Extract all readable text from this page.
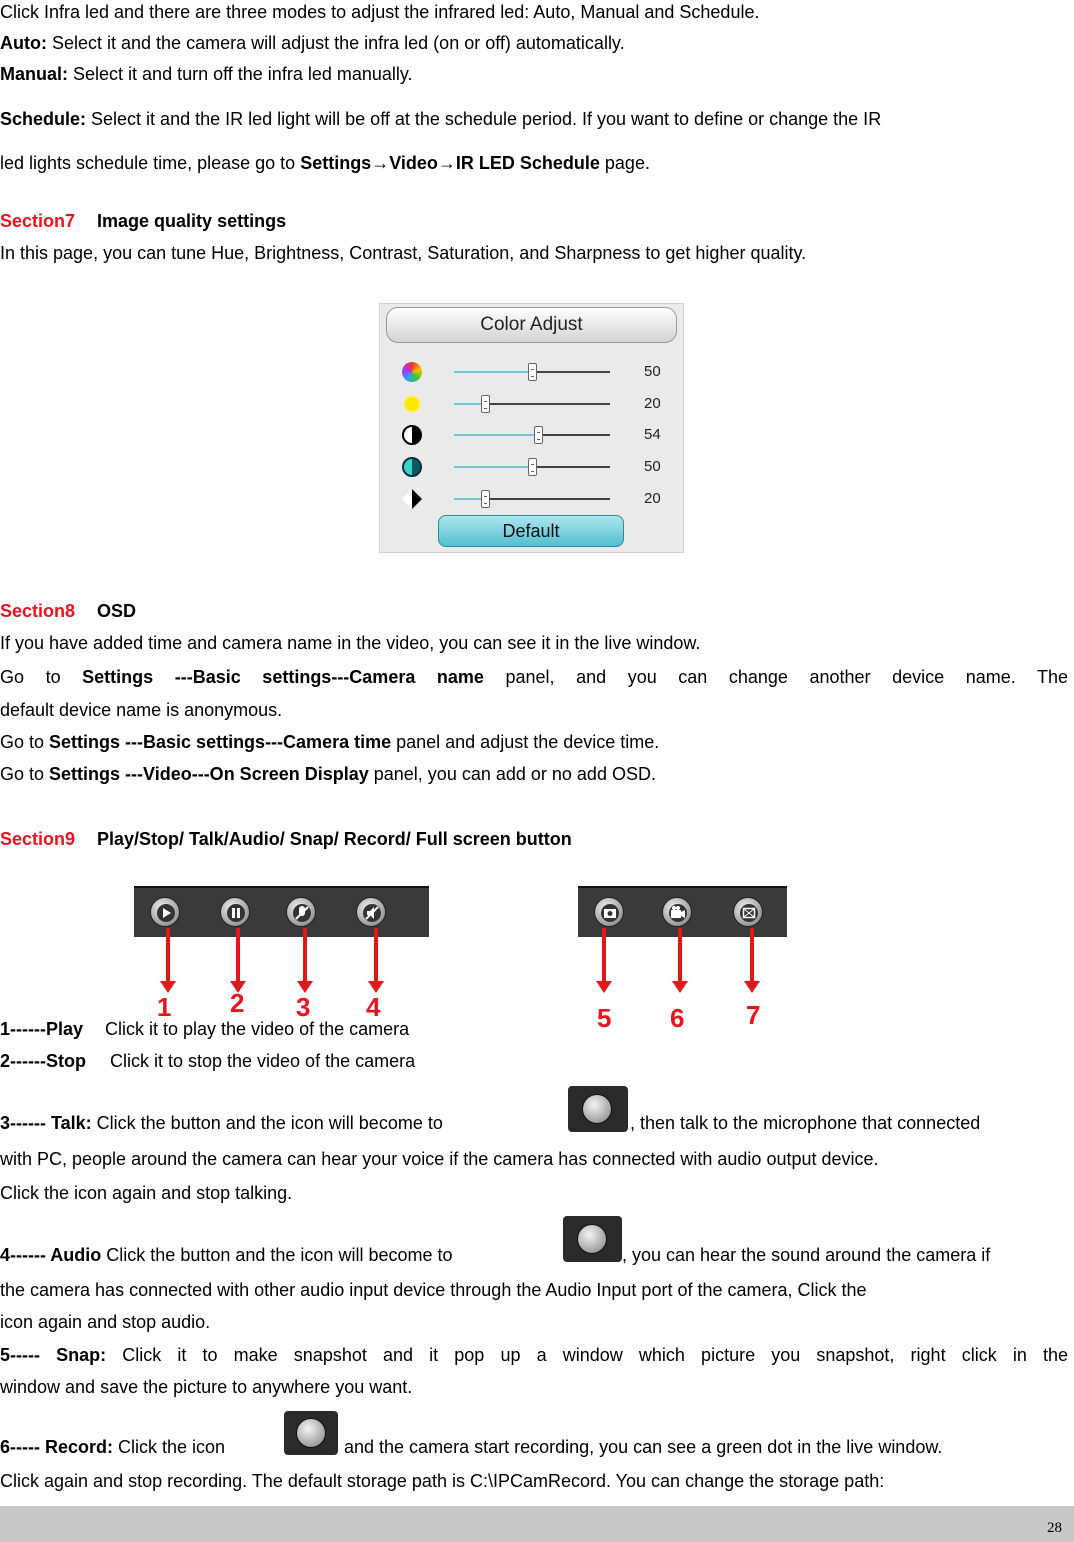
Click Infra led and there are three modes to adjust the infrared led: Auto, Manual and Schedule.
Auto: Select it and the camera will adjust the infra led (on or off) automatically.
Manual: Select it and turn off the infra led manually.
Schedule: Select it and the IR led light will be off at the schedule period. If you want to define or change the IR
led lights schedule time, please go to Settings→Video→IR LED Schedule page.
Section7 Image quality settings
In this page, you can tune Hue, Brightness, Contrast, Saturation, and Sharpness to get higher quality.
Color Adjust
50
20
54
50
20
Default
Section8 OSD
If you have added time and camera name in the video, you can see it in the live window.
Go to Settings ---Basic settings---Camera name panel, and you can change another device name. The
default device name is anonymous.
Go to Settings ---Basic settings---Camera time panel and adjust the device time.
Go to Settings ---Video---On Screen Display panel, you can add or no add OSD.
Section9 Play/Stop/ Talk/Audio/ Snap/ Record/ Full screen button
1 2 3 4	5 6 7
1------Play Click it to play the video of the camera
2------Stop Click it to stop the video of the camera
3------ Talk: Click the button and the icon will become to	, then talk to the microphone that connected
with PC, people around the camera can hear your voice if the camera has connected with audio output device.
Click the icon again and stop talking.
4------ Audio Click the button and the icon will become to	, you can hear the sound around the camera if
the camera has connected with other audio input device through the Audio Input port of the camera, Click the
icon again and stop audio.
5----- Snap: Click it to make snapshot and it pop up a window which picture you snapshot, right click in the
window and save the picture to anywhere you want.
6----- Record: Click the icon	and the camera start recording, you can see a green dot in the live window.
Click again and stop recording. The default storage path is C:\IPCamRecord. You can change the storage path:
28
